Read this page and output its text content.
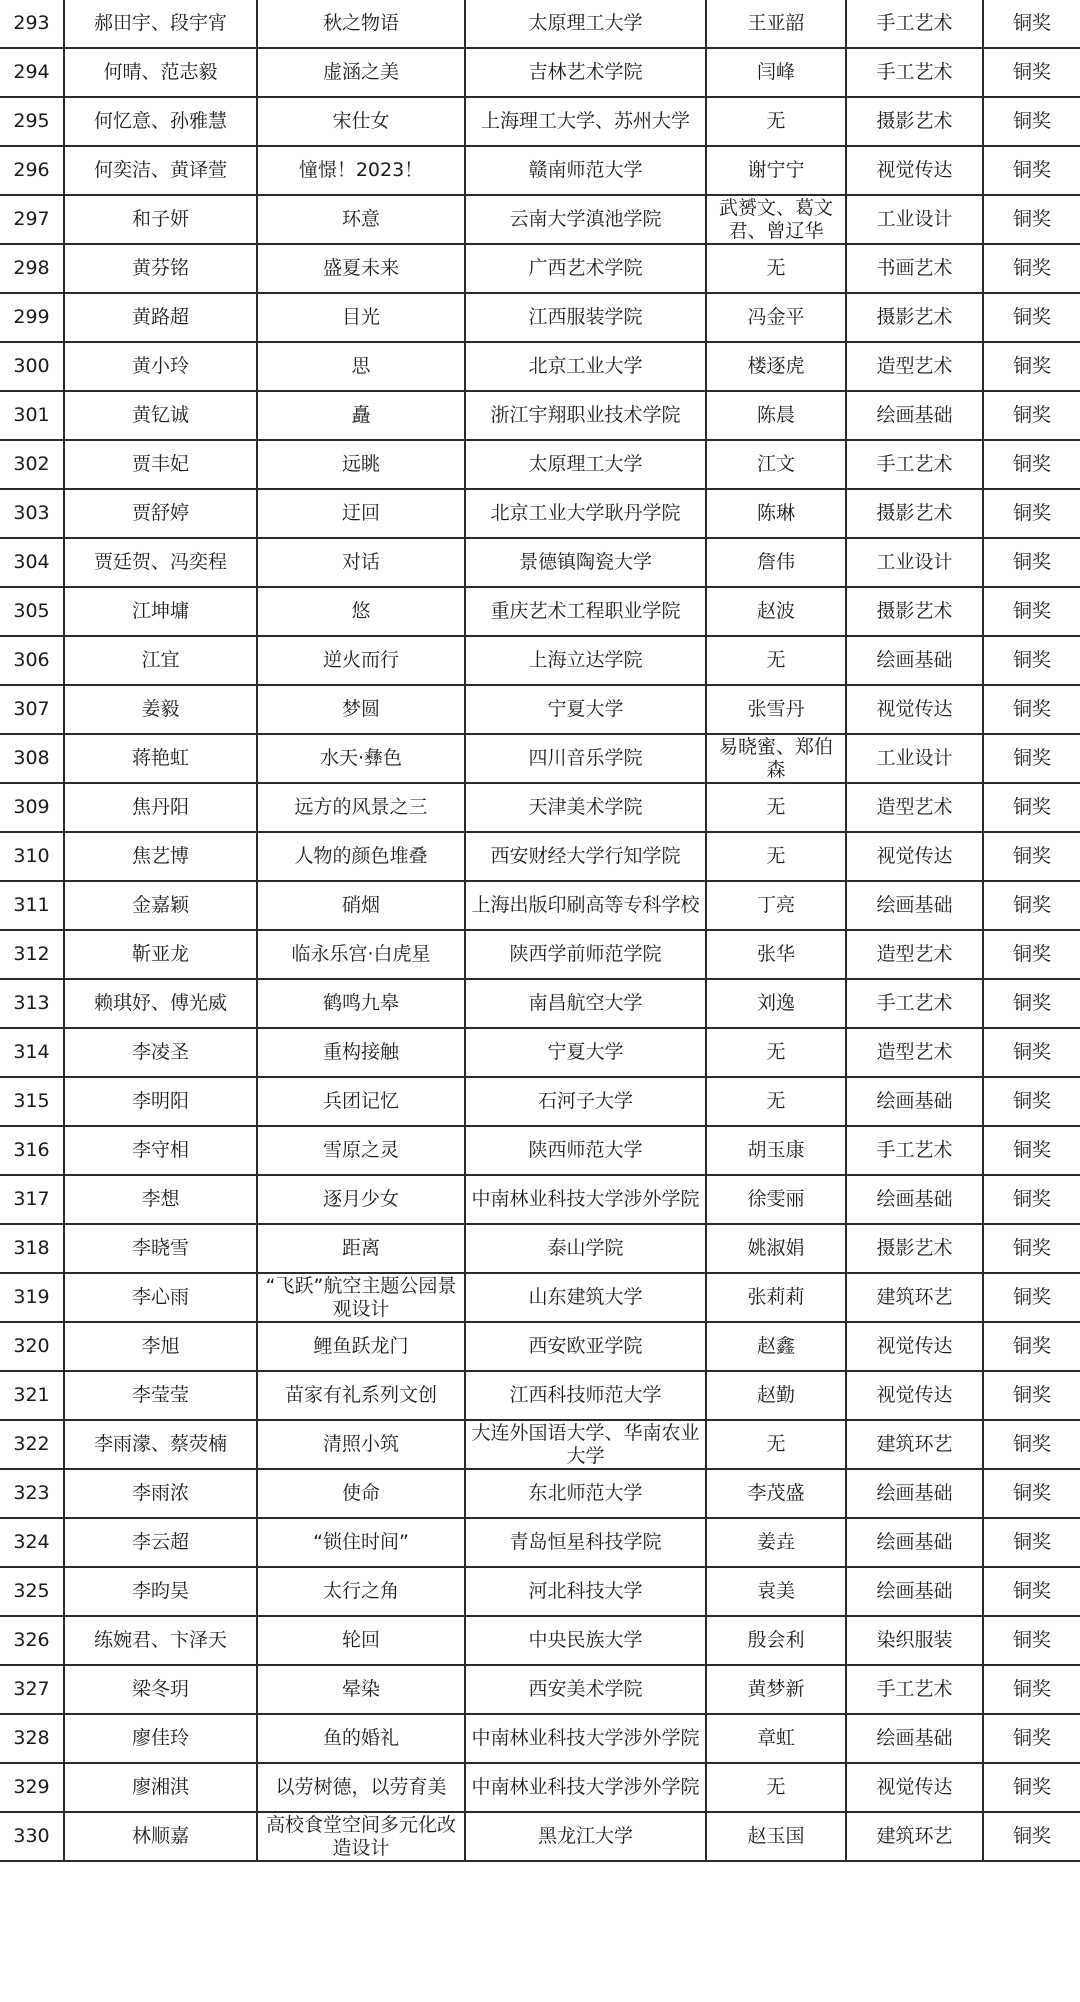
293	郝田宇、段宇宵	秋之物语	太原理工大学	王亚韶	手工艺术	铜奖
294	何晴、范志毅	虚涵之美	吉林艺术学院	闫峰	手工艺术	铜奖
295	何忆意、孙雅慧	宋仕女	上海理工大学、苏州大学	无	摄影艺术	铜奖
296	何奕洁、黄译萱	憧憬！2023！	赣南师范大学	谢宁宁	视觉传达	铜奖
297	和子妍	环意	云南大学滇池学院	武赟文、葛文君、曾辽华	工业设计	铜奖
298	黄芬铭	盛夏未来	广西艺术学院	无	书画艺术	铜奖
299	黄路超	目光	江西服装学院	冯金平	摄影艺术	铜奖
300	黄小玲	思	北京工业大学	楼逐虎	造型艺术	铜奖
301	黄钇诚	矗	浙江宇翔职业技术学院	陈晨	绘画基础	铜奖
302	贾丰妃	远眺	太原理工大学	江文	手工艺术	铜奖
303	贾舒婷	迂回	北京工业大学耿丹学院	陈琳	摄影艺术	铜奖
304	贾廷贺、冯奕程	对话	景德镇陶瓷大学	詹伟	工业设计	铜奖
305	江坤墉	悠	重庆艺术工程职业学院	赵波	摄影艺术	铜奖
306	江宜	逆火而行	上海立达学院	无	绘画基础	铜奖
307	姜毅	梦圆	宁夏大学	张雪丹	视觉传达	铜奖
308	蒋艳虹	水天·彝色	四川音乐学院	易晓蜜、郑伯森	工业设计	铜奖
309	焦丹阳	远方的风景之三	天津美术学院	无	造型艺术	铜奖
310	焦艺博	人物的颜色堆叠	西安财经大学行知学院	无	视觉传达	铜奖
311	金嘉颖	硝烟	上海出版印刷高等专科学校	丁亮	绘画基础	铜奖
312	靳亚龙	临永乐宫·白虎星	陕西学前师范学院	张华	造型艺术	铜奖
313	赖琪妤、傅光威	鹤鸣九皋	南昌航空大学	刘逸	手工艺术	铜奖
314	李凌圣	重构接触	宁夏大学	无	造型艺术	铜奖
315	李明阳	兵团记忆	石河子大学	无	绘画基础	铜奖
316	李守相	雪原之灵	陕西师范大学	胡玉康	手工艺术	铜奖
317	李想	逐月少女	中南林业科技大学涉外学院	徐雯丽	绘画基础	铜奖
318	李晓雪	距离	泰山学院	姚淑娟	摄影艺术	铜奖
319	李心雨	“飞跃”航空主题公园景观设计	山东建筑大学	张莉莉	建筑环艺	铜奖
320	李旭	鲤鱼跃龙门	西安欧亚学院	赵鑫	视觉传达	铜奖
321	李莹莹	苗家有礼系列文创	江西科技师范大学	赵勤	视觉传达	铜奖
322	李雨濛、蔡荧楠	清照小筑	大连外国语大学、华南农业大学	无	建筑环艺	铜奖
323	李雨浓	使命	东北师范大学	李茂盛	绘画基础	铜奖
324	李云超	“锁住时间”	青岛恒星科技学院	姜垚	绘画基础	铜奖
325	李昀昊	太行之角	河北科技大学	袁美	绘画基础	铜奖
326	练婉君、卞泽天	轮回	中央民族大学	殷会利	染织服装	铜奖
327	梁冬玥	晕染	西安美术学院	黄梦新	手工艺术	铜奖
328	廖佳玲	鱼的婚礼	中南林业科技大学涉外学院	章虹	绘画基础	铜奖
329	廖湘淇	以劳树德，以劳育美	中南林业科技大学涉外学院	无	视觉传达	铜奖
330	林顺嘉	高校食堂空间多元化改造设计	黑龙江大学	赵玉国	建筑环艺	铜奖
